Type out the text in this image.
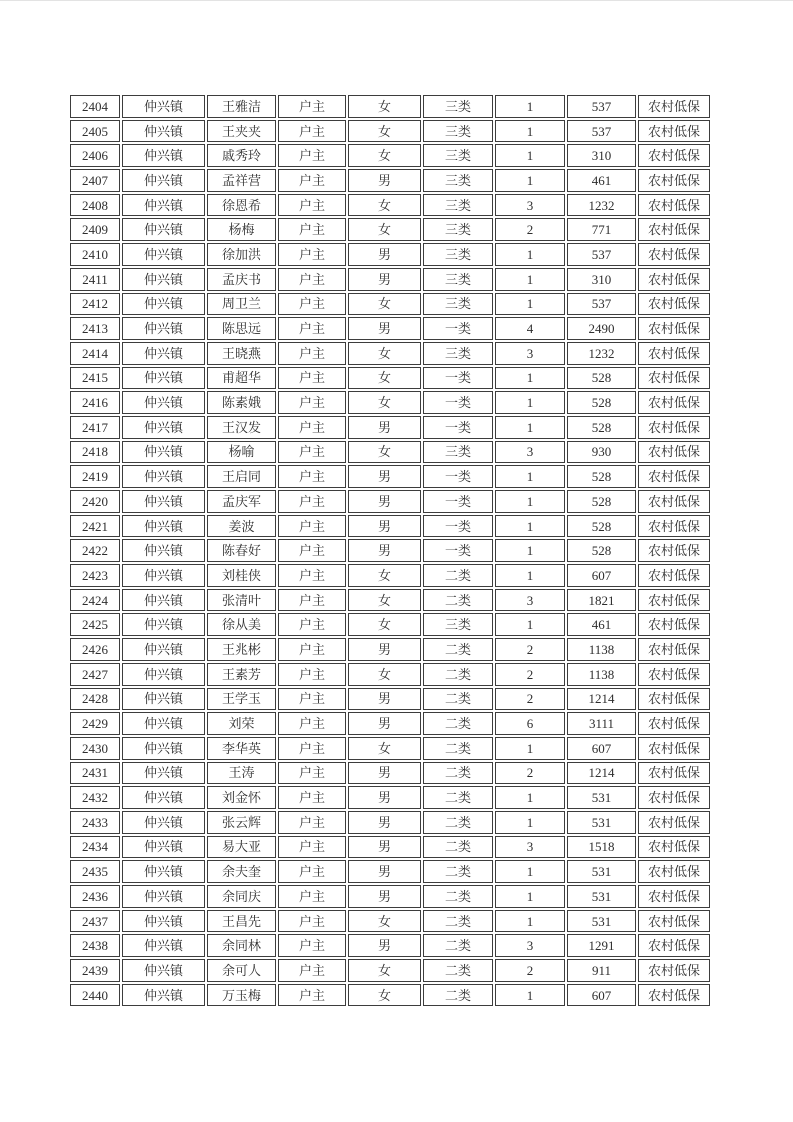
2404	仲兴镇	王雅洁	户主	女	三类	1	537	农村低保
2405	仲兴镇	王夹夹	户主	女	三类	1	537	农村低保
2406	仲兴镇	戚秀玲	户主	女	三类	1	310	农村低保
2407	仲兴镇	孟祥营	户主	男	三类	1	461	农村低保
2408	仲兴镇	徐恩希	户主	女	三类	3	1232	农村低保
2409	仲兴镇	杨梅	户主	女	三类	2	771	农村低保
2410	仲兴镇	徐加洪	户主	男	三类	1	537	农村低保
2411	仲兴镇	孟庆书	户主	男	三类	1	310	农村低保
2412	仲兴镇	周卫兰	户主	女	三类	1	537	农村低保
2413	仲兴镇	陈思远	户主	男	一类	4	2490	农村低保
2414	仲兴镇	王晓燕	户主	女	三类	3	1232	农村低保
2415	仲兴镇	甫超华	户主	女	一类	1	528	农村低保
2416	仲兴镇	陈素娥	户主	女	一类	1	528	农村低保
2417	仲兴镇	王汉发	户主	男	一类	1	528	农村低保
2418	仲兴镇	杨喻	户主	女	三类	3	930	农村低保
2419	仲兴镇	王启同	户主	男	一类	1	528	农村低保
2420	仲兴镇	孟庆军	户主	男	一类	1	528	农村低保
2421	仲兴镇	姜波	户主	男	一类	1	528	农村低保
2422	仲兴镇	陈春好	户主	男	一类	1	528	农村低保
2423	仲兴镇	刘桂侠	户主	女	二类	1	607	农村低保
2424	仲兴镇	张清叶	户主	女	二类	3	1821	农村低保
2425	仲兴镇	徐从美	户主	女	三类	1	461	农村低保
2426	仲兴镇	王兆彬	户主	男	二类	2	1138	农村低保
2427	仲兴镇	王素芳	户主	女	二类	2	1138	农村低保
2428	仲兴镇	王学玉	户主	男	二类	2	1214	农村低保
2429	仲兴镇	刘荣	户主	男	二类	6	3111	农村低保
2430	仲兴镇	李华英	户主	女	二类	1	607	农村低保
2431	仲兴镇	王涛	户主	男	二类	2	1214	农村低保
2432	仲兴镇	刘金怀	户主	男	二类	1	531	农村低保
2433	仲兴镇	张云辉	户主	男	二类	1	531	农村低保
2434	仲兴镇	易大亚	户主	男	二类	3	1518	农村低保
2435	仲兴镇	余夫奎	户主	男	二类	1	531	农村低保
2436	仲兴镇	余同庆	户主	男	二类	1	531	农村低保
2437	仲兴镇	王昌先	户主	女	二类	1	531	农村低保
2438	仲兴镇	余同林	户主	男	二类	3	1291	农村低保
2439	仲兴镇	余可人	户主	女	二类	2	911	农村低保
2440	仲兴镇	万玉梅	户主	女	二类	1	607	农村低保
